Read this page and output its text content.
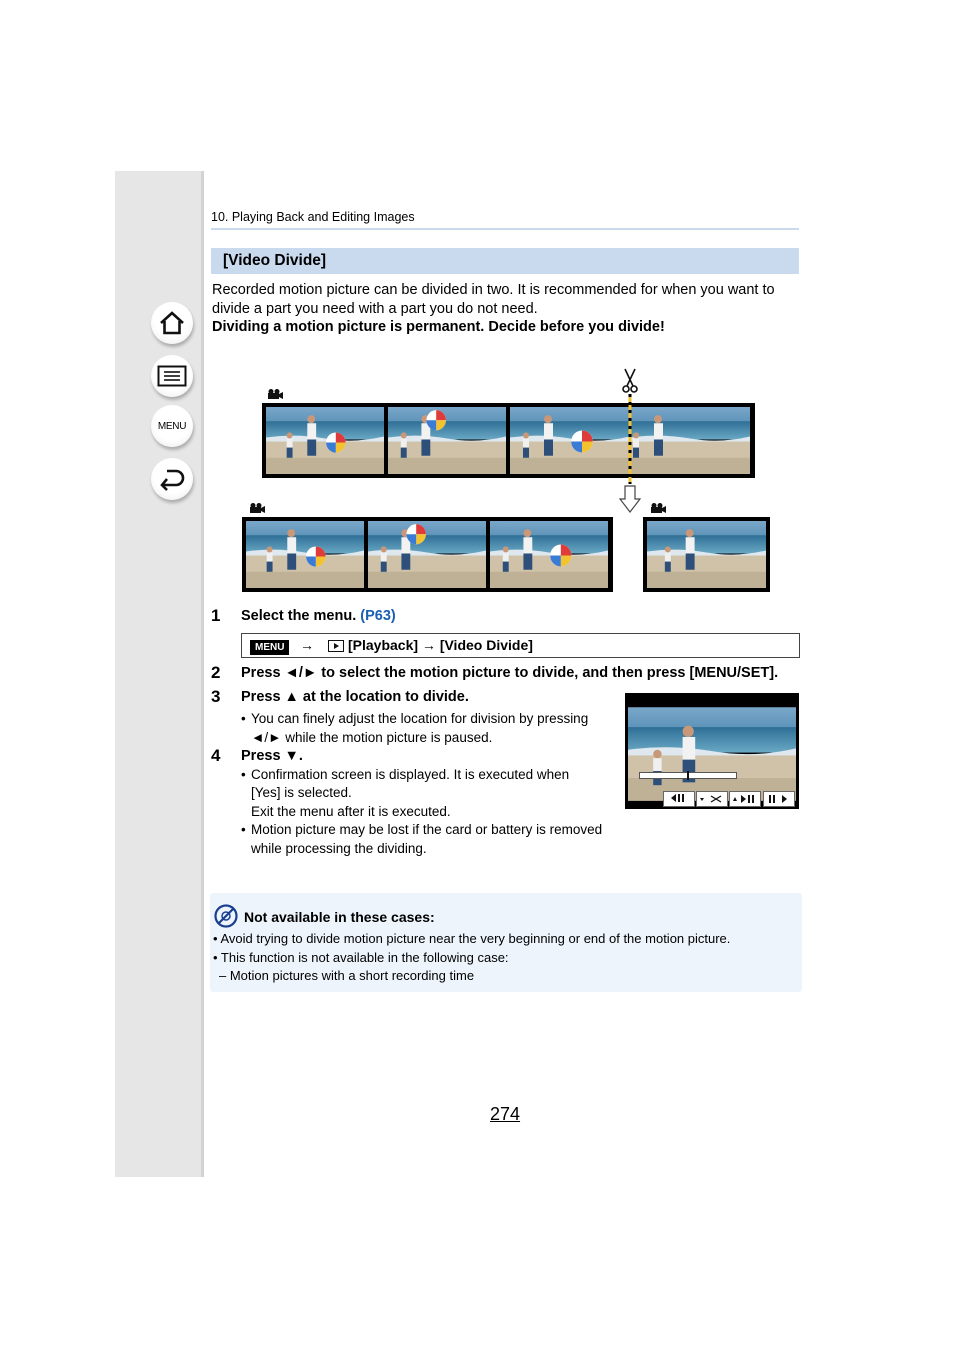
MENU
10. Playing Back and Editing Images
[Video Divide]
Recorded motion picture can be divided in two. It is recommended for when you want to
divide a part you need with a part you do not need.
Dividing a motion picture is permanent. Decide before you divide!
1 Select the menu. (P63)
MENU	→ [Playback] → [Video Divide]
2 Press ◄/► to select the motion picture to divide, and then press [MENU/SET].
3 Press ▲ at the location to divide.
• You can finely adjust the location for division by pressing
◄/► while the motion picture is paused.
4 Press ▼.
• Confirmation screen is displayed. It is executed when
[Yes] is selected.
Exit the menu after it is executed.
• Motion picture may be lost if the card or battery is removed
while processing the dividing.
Not available in these cases:
• Avoid trying to divide motion picture near the very beginning or end of the motion picture.
• This function is not available in the following case:
– Motion pictures with a short recording time
274
